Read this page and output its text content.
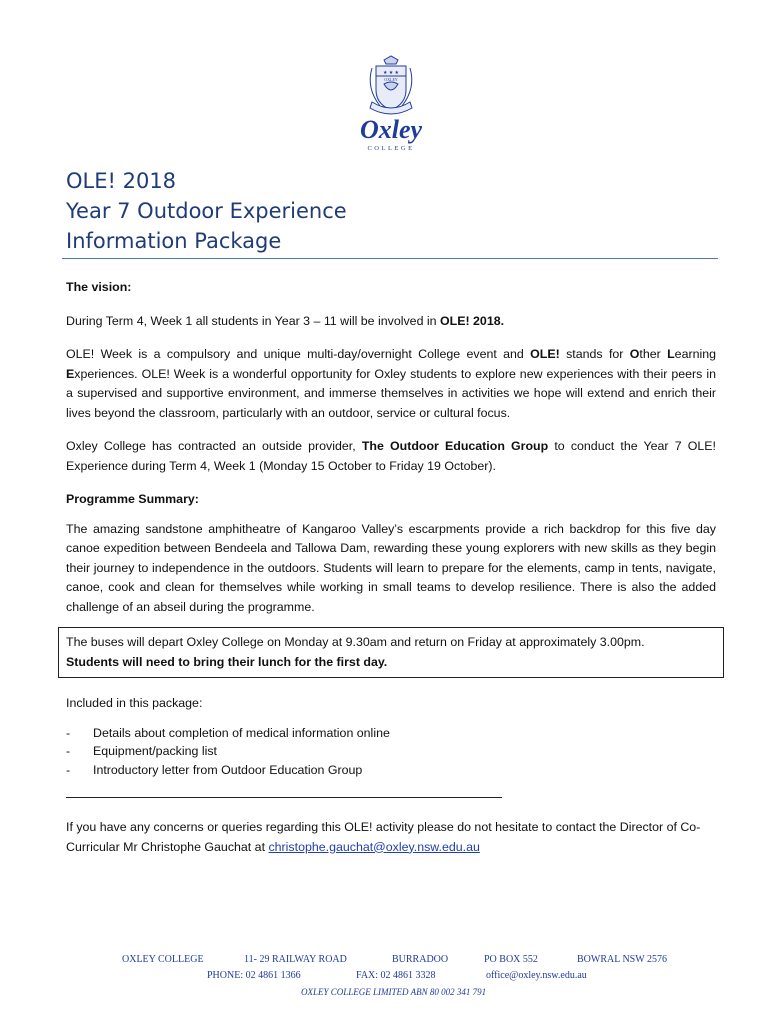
★ ★ ★
OXLEY
Oxley
COLLEGE
OLE! 2018
Year 7 Outdoor Experience
Information Package

The vision:

During Term 4, Week 1 all students in Year 3 – 11 will be involved in OLE! 2018.

OLE! Week is a compulsory and unique multi-day/overnight College event and OLE! stands for Other Learning Experiences. OLE! Week is a wonderful opportunity for Oxley students to explore new experiences with their peers in a supervised and supportive environment, and immerse themselves in activities we hope will extend and enrich their lives beyond the classroom, particularly with an outdoor, service or cultural focus.

Oxley College has contracted an outside provider, The Outdoor Education Group to conduct the Year 7 OLE! Experience during Term 4, Week 1 (Monday 15 October to Friday 19 October).

Programme Summary:

The amazing sandstone amphitheatre of Kangaroo Valley’s escarpments provide a rich backdrop for this five day canoe expedition between Bendeela and Tallowa Dam, rewarding these young explorers with new skills as they begin their journey to independence in the outdoors. Students will learn to prepare for the elements, camp in tents, navigate, canoe, cook and clean for themselves while working in small teams to develop resilience. There is also the added challenge of an abseil during the programme.

The buses will depart Oxley College on Monday at 9.30am and return on Friday at approximately 3.00pm.
Students will need to bring their lunch for the first day.

Included in this package:

- Details about completion of medical information online
- Equipment/packing list
- Introductory letter from Outdoor Education Group

If you have any concerns or queries regarding this OLE! activity please do not hesitate to contact the Director of Co-Curricular Mr Christophe Gauchat at christophe.gauchat@oxley.nsw.edu.au

OXLEY COLLEGE	11- 29 RAILWAY ROAD	BURRADOO	PO BOX 552	BOWRAL NSW 2576
PHONE: 02 4861 1366	FAX: 02 4861 3328	office@oxley.nsw.edu.au
OXLEY COLLEGE LIMITED ABN 80 002 341 791
